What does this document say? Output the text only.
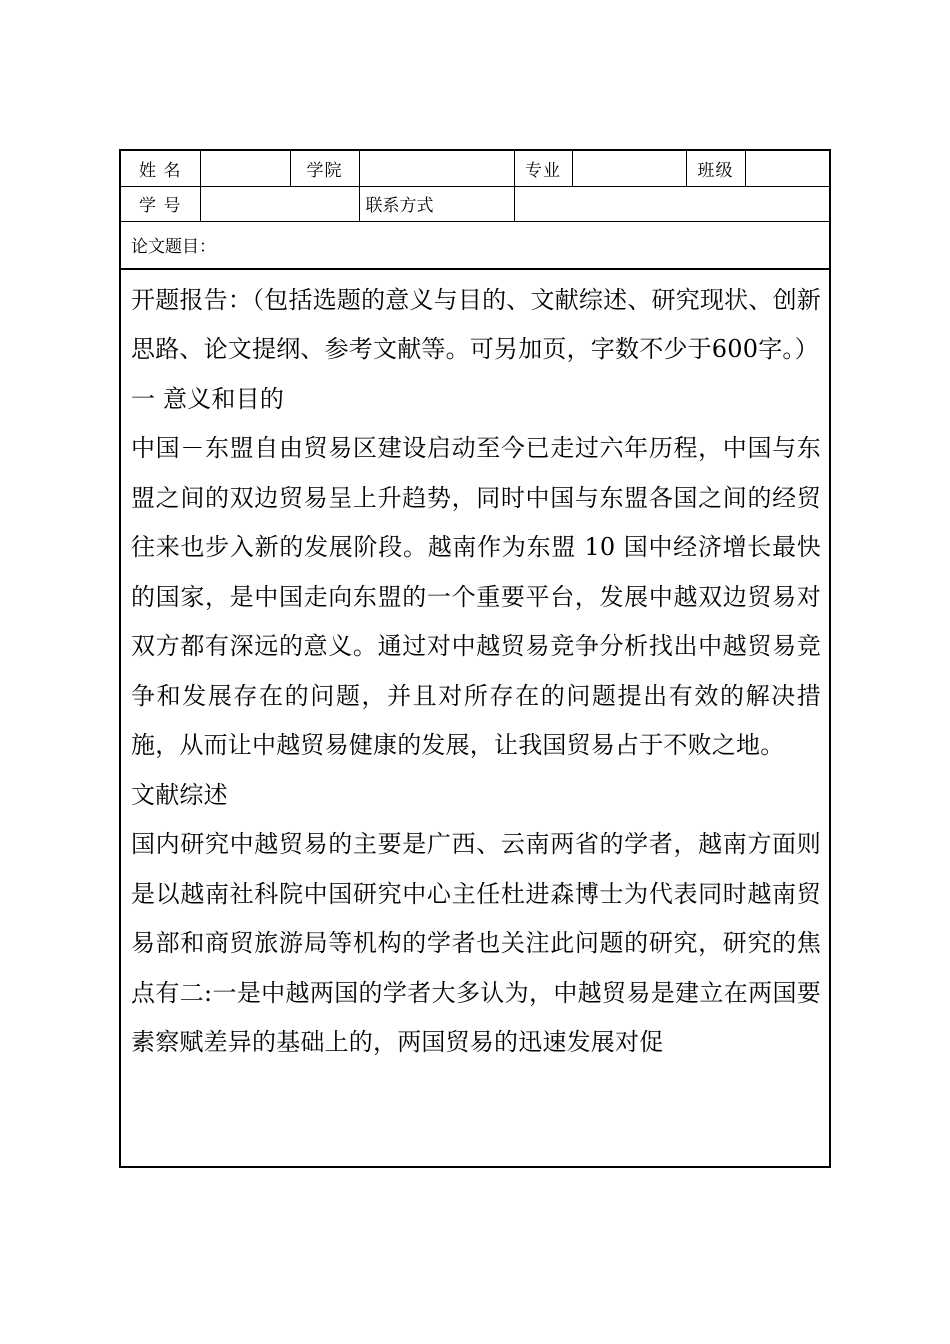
姓 名		学院		专业		班级	
学 号			联系方式				
论文题目：

开题报告：（包括选题的意义与目的、文献综述、研究现状、创新思路、论文提纲、参考文献等。可另加页，字数不少于600字。）

一 意义和目的

中国－东盟自由贸易区建设启动至今已走过六年历程，中国与东盟之间的双边贸易呈上升趋势，同时中国与东盟各国之间的经贸往来也步入新的发展阶段。越南作为东盟 10 国中经济增长最快的国家，是中国走向东盟的一个重要平台，发展中越双边贸易对双方都有深远的意义。通过对中越贸易竞争分析找出中越贸易竞争和发展存在的问题，并且对所存在的问题提出有效的解决措施，从而让中越贸易健康的发展，让我国贸易占于不败之地。

文献综述

国内研究中越贸易的主要是广西、云南两省的学者，越南方面则是以越南社科院中国研究中心主任杜进森博士为代表同时越南贸易部和商贸旅游局等机构的学者也关注此问题的研究，研究的焦点有二:一是中越两国的学者大多认为，中越贸易是建立在两国要素察赋差异的基础上的，两国贸易的迅速发展对促
